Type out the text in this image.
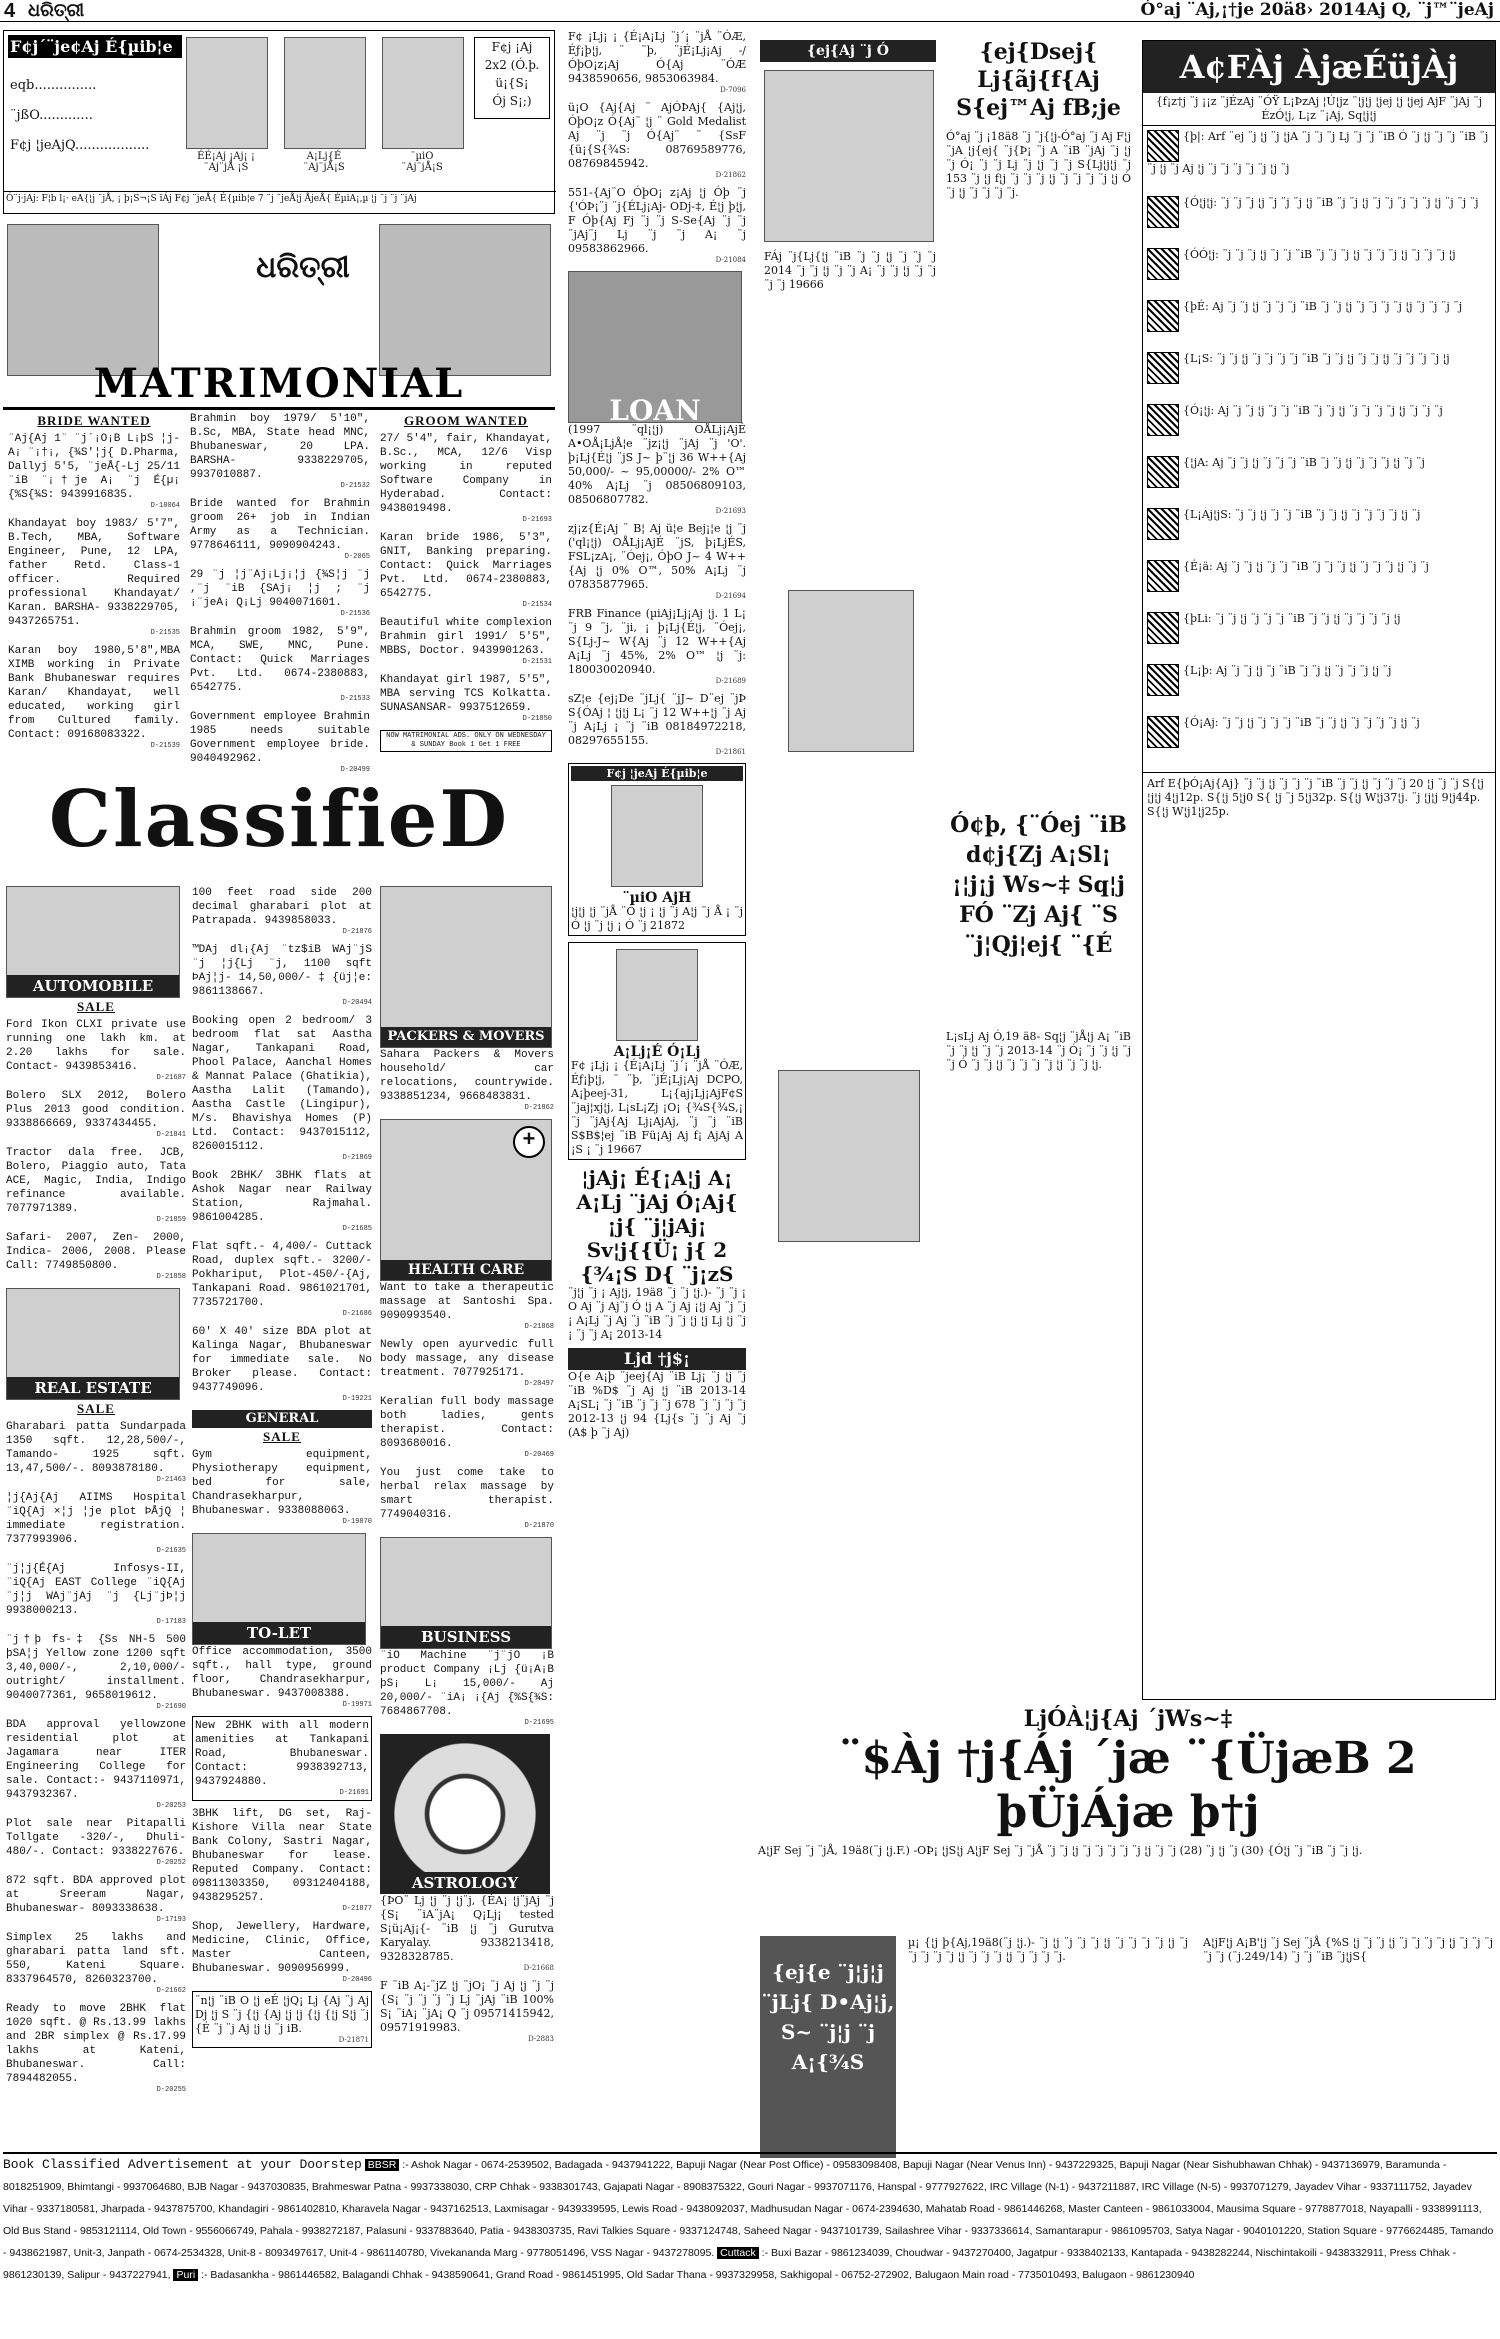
4 ଧରିତ୍ରୀ	Ó°aj ¨Aj,¡†je 20ä8› 2014Aj Q, ¨j™¨jeAj
F¢j´¨je¢Aj É{µib¦e
eqb...............
¨jßO.............
F¢j ¦jeAjQ..................
ÉÉ¡Aj ¡Aj¡ ¡
¨Aj¨jÅ ¡S
A¡Lj{É
¨Aj¨jÅ¡S
¨µiO
¨Aj¨jÅ¡S
F¢j ¡Aj
2x2 (Ó.þ.
ü¡{S¡
Ój S¡;)
Ó¨j·jAj: F¦b l¡· eA{¦j ¨jÅ, ¡ þ¡S¬¡S ïÁj F¢j ¨jeÅ{ É{µib¦e 7 ¨j ¨jeÅ¦j ÅjeÅ{ ÉµiA¡,µ ¦j ¨j ¨j ¨jAj
ଧରିତ୍ରୀ
MATRIMONIAL
BRIDE WANTED

¨Aj{Aj 1¨ ¨j´¡O¡B L¡þS ¦j-A¡ ¨¡†¡, {¾S'¦j{ D.Pharma, Dallyj 5'5, ¨jeÅ{-Lj 25/11 ¨iB ¨¡†je A¡ ¨j É{µ¡ {%S{¾S: 9439916835.
D-18064

Khandayat boy 1983/ 5'7", B.Tech, MBA, Software Engineer, Pune, 12 LPA, father Retd. Class-1 officer. Required professional Khandayat/ Karan. BARSHA- 9338229705, 9437265751.
D-21535

Karan boy 1980,5'8",MBA XIMB working in Private Bank Bhubaneswar requires Karan/ Khandayat, well educated, working girl from Cultured family. Contact: 09168083322.
D-21539

Brahmin boy 1979/ 5'10", B.Sc, MBA, State head MNC, Bhubaneswar, 20 LPA. BARSHA- 9338229705, 9937010887.
D-21532

Bride wanted for Brahmin groom 26+ job in Indian Army as a Technician. 9778646111, 9090904243.
D-2065

29 ¨j ¦j¨Aj¡Lj¡¦j {¾S¦j ¨j ,¨j ¨iB {SAj¡ ¦j ; ¨j ¡¨jeA¡ Q¡Lj 9040071601.
D-21536

Brahmin groom 1982, 5'9", MCA, SWE, MNC, Pune. Contact: Quick Marriages Pvt. Ltd. 0674-2380883, 6542775.
D-21533

Government employee Brahmin 1985 needs suitable Government employee bride. 9040492962.
D-20499

GROOM WANTED

27/ 5'4", fair, Khandayat, B.Sc., MCA, 12/6 Visp working in reputed Software Company in Hyderabad. Contact: 9438019498.
D-21693

Karan bride 1986, 5'3", GNIT, Banking preparing. Contact: Quick Marriages Pvt. Ltd. 0674-2380883, 6542775.
D-21534

Beautiful white complexion Brahmin girl 1991/ 5'5", MBBS, Doctor. 9439901263.
D-21531

Khandayat girl 1987, 5'5", MBA serving TCS Kolkatta. SUNASANSAR- 9937512659.
D-21850

NOW MATRIMONIAL ADS. ONLY ON WEDNESDAY & SUNDAY Book 1 Get 1 FREE
ClassifieD
AUTOMOBILE
SALE

Ford Ikon CLXI private use running one lakh km. at 2.20 lakhs for sale. Contact- 9439853416.
D-21687

Bolero SLX 2012, Bolero Plus 2013 good condition. 9338866669, 9337434455.
D-21841

Tractor dala free. JCB, Bolero, Piaggio auto, Tata ACE, Magic, India, Indigo refinance available. 7077971389.
D-21859

Safari- 2007, Zen- 2000, Indica- 2006, 2008. Please Call: 7749850800.
D-21858

REAL ESTATE
SALE

Gharabari patta Sundarpada 1350 sqft. 12,28,500/-, Tamando- 1925 sqft. 13,47,500/-. 8093878180.
D-21463

¦j{Aj{Aj AIIMS Hospital ¨iQ{Aj ×¦j ¦je plot ÞÅjQ ¦ immediate registration. 7377993906.
D-21635

¨j¦j{É{Aj Infosys-II, ¨iQ{Aj EAST College ¨iQ{Aj ¨j¦j WAj¨jAj ¨j {Lj¨jÞ¦j 9938000213.
D-17183

¨j†þ fs-‡ {Ss NH-5 500 þSA¦j Yellow zone 1200 sqft 3,40,000/-, 2,10,000/- outright/ installment. 9040077361, 9658019612.
D-21690

BDA approval yellowzone residential plot at Jagamara near ITER Engineering College for sale. Contact:- 9437110971, 9437932367.
D-20253

Plot sale near Pitapalli Tollgate -320/-, Dhuli- 480/-. Contact: 9338227676.
D-20252

872 sqft. BDA approved plot at Sreeram Nagar, Bhubaneswar- 8093338638.
D-17193

Simplex 25 lakhs and gharabari patta land sft. 550, Kateni Square. 8337964570, 8260323700.
D-21662

Ready to move 2BHK flat 1020 sqft. @ Rs.13.99 lakhs and 2BR simplex @ Rs.17.99 lakhs at Kateni, Bhubaneswar. Call: 7894482055.
D-20255

100 feet road side 200 decimal gharabari plot at Patrapada. 9439858033.
D-21876

™DAj dl¡{Aj ¨tz$iB WAj¨jS ¨j ¦j{Lj ¨j, 1100 sqft ÞAj¦j- 14,50,000/- ‡ {üj¦e: 9861138667.
D-20494

Booking open 2 bedroom/ 3 bedroom flat sat Aastha Nagar, Tankapani Road, Phool Palace, Aanchal Homes & Mannat Palace (Ghatikia), Aastha Lalit (Tamando), Aastha Castle (Lingipur), M/s. Bhavishya Homes (P) Ltd. Contact: 9437015112, 8260015112.
D-21869

Book 2BHK/ 3BHK flats at Ashok Nagar near Railway Station, Rajmahal. 9861004285.
D-21685

Flat sqft.- 4,400/- Cuttack Road, duplex sqft.- 3200/- Pokhariput, Plot-450/-{Aj, Tankapani Road. 9861021701, 7735721700.
D-21686

60' X 40' size BDA plot at Kalinga Nagar, Bhubaneswar for immediate sale. No Broker please. Contact: 9437749096.
D-19221

GENERAL
SALE

Gym equipment, Physiotherapy equipment, bed for sale, Chandrasekharpur, Bhubaneswar. 9338088063.
D-19870

TO-LET

Office accommodation, 3500 sqft., hall type, ground floor, Chandrasekharpur, Bhubaneswar. 9437008388.
D-19971

New 2BHK with all modern amenities at Tankapani Road, Bhubaneswar. Contact: 9938392713, 9437924880.
D-21691

3BHK lift, DG set, Raj- Kishore Villa near State Bank Colony, Sastri Nagar, Bhubaneswar for lease. Reputed Company. Contact: 09811303350, 09312404188, 9438295257.
D-21877

Shop, Jewellery, Hardware, Medicine, Clinic, Office, Master Canteen, Bhubaneswar. 9090956999.
D-20496

¨n¦j ¨iB O ¦j eÉ ¦jQ¡ Lj {Aj ¨j Aj Dj ¦j S ¨j {¦j {Aj ¦j ¦j {¦j {¦j S¦j ¨j {É ¨j ¨j Aj ¦j ¦j ¨j iB.
D-21871

PACKERS & MOVERS

Sahara Packers & Movers household/ car relocations, countrywide. 9338851234, 9668483831.
D-21862

+
HEALTH CARE

Want to take a therapeutic massage at Santoshi Spa. 9090993540.
D-21868

Newly open ayurvedic full body massage, any disease treatment. 7077925171.
D-20497

Keralian full body massage both ladies, gents therapist. Contact: 8093680016.
D-20469

You just come take to herbal relax massage by smart therapist. 7749040316.
D-21870

BUSINESS

¨iO Machine ¨j¨jO ¡B product Company ¡Lj {ü¡A¡B þS¡ L¡ 15,000/- Aj 20,000/- ¨iA¡ ¡{Aj {%S{¾S: 7684867708.
D-21695

ASTROLOGY

{ÞO¨ Lj ¦j ¨j ¦j¨j, {ÉA¡ ¦j¨jAj ¨j {S¡ ¨iA¨jA¡ Q¡Lj¡ tested S¡ü¡Aj¡{- ¨iB ¦j ¨j Gurutva Karyalay. 9338213418, 9328328785.
D-21668

F ¨iB A¡-¨jZ ¦j ¨jO¡ ¨j Aj ¦j ¨j ¨j {S¡ ¨j ¨j ¨j ¨j Lj ¨jAj ¨iB 100% S¡ ¨iA¡ ¨jA¡ Q ¨j 09571415942, 09571919983.
D-2883

F¢ ¡Lj¡ ¡ {É¡A¡Lj ¨j´¡ ¨jÅ ¨ÓÆ, Éƒ¡þ¦j, ¨ ¨þ, ¨jÉ¡Lj¡Aj -/ ÓþO¡z¡Aj Ó{Aj ¨ÓÆ 9438590656, 9853063984.
D-7096

ü¡O {Aj{Aj ¨ AjÓÞAj{ {Aj¦j, ÓþO¡z Ó{Aj¨ ¦j ¨ Gold Medalist Aj ¨j ¨j Ó{Aj¨ ¨ {SsF {ü¡{S{¾S: 08769589776, 08769845942.
D-21862

551-{Aj¨O ÓþO¡ z¡Aj ¦j Óþ ¨j {'ÓÞ¡¨j ¨j{ÉLj¡Aj- ODj-‡, É¦j þ¦j, F Óþ{Aj Fj ¨j ¨j S-Se{Aj ¨j ¨j ¨jAj¨j Lj ¨j ¨j A¡ ¨j 09583862966.
D-21084

LOAN

(1997 ¨ql¡¦j) OÅLj¡AjÉ A•OÅ¡LjÅ¦e ¨jz¡¦j ¨jAj ¨j 'O'. þ¡Lj{É¦j ¨jS J~ þ¨¦j 36 W++{Aj 50,000/- ~ 95,00000/- 2% O™ 40% A¡Lj ¨j 08506809103, 08506807782.
D-21693

zj¡z{É¡Aj ¨ B¦ Aj ü¦e Bej¡¦e ¦j ¨j ('ql¡¦j) OÅLj¡AjÉ ¨jS, þ¡LjÉS, FSL¡zA¡, ¨Óej¡, ÓþO J~ 4 W++{Aj ¦j 0% O™, 50% A¡Lj ¨j 07835877965.
D-21694

FRB Finance (µiAj¡Lj¡Aj ¦j. 1 L¡ ¨j 9 ¨j, ¨ji, ¡ þ¡Lj{É¦j, ¨Óej¡, S{Lj-J~ W{Aj ¨j 12 W++{Aj A¡Lj ¨j 45%, 2% O™ ¦j ¨j: 180030020940.
D-21689

sZ¦e {ej¡De ¨jLj{ ¨jJ~ D¨ej ¨jÞ S{ÓAj ¦ ¦j¦j L¡ ¨j 12 W++¦j ¨j Aj ¨j A¡Lj ¡ ¨j ¨iB 08184972218, 08297655155.
D-21861

F¢j ¦jeAj É{µib¦e
¨µiO AjH

¦j¦j ¦j ¨jÅ ¨Ó ¦j ¡ ¦j ¨j A¦j ¨j Å ¡ ¨j Ó ¦j ¨j ¦j ¡ Ó ¨j 21872

A¡Lj¡É Ó¡Lj

F¢ ¡Lj¡ ¡ {É¡A¡Lj ¨j´¡ ¨jÅ ¨ÓÆ, Éƒ¡þ¦j, ¨ ¨þ, ¨jÉ¡Lj¡Aj DCPO, A¡þeej-31, L¡{aj¡Lj¡AjF¢S ¨jaj¦xj¦j, L¡sL¡Zj ¡O¡ {¾S{¾S,¡ ¨j ¨jAj{Aj Lj¡AjAj, ¨j ¨j ¨iB S$B$¦ej ¨iB Fü¡Aj Aj f¡ AjAj A ¡S ¡ ¨j 19667

¦jAj¡ É{¡A¦j A¡ A¡Lj ¨jAj Ó¡Aj{ ¡j{ ¨j¦jAj¡ Sv¦j{{Ü¡ j{ 2 {¾¡S D{ ¨j¡zS

¨j¦j ¨j ¡ Aj¦j, 19ä8 ¨j ¨j ¦j.)- ¨j ¨j ¡ O Aj ¨j Aj¨j Ó ¦j A ¨j Aj ¡¦j Aj ¨j ¨j ¡ A¡Lj ¨j Aj ¨j ¨iB ¨j ¨j ¦j ¦j Lj ¦j ¨j ¡ ¨j ¨j A¡ 2013-14

Ljd †j$¡

O{e A¡þ ¨jeej{Aj ¨iB Lj¡ ¨j ¦j ¨j ¨iB %D$ ¨j Aj ¦j ¨iB 2013-14 A¡SL¡ ¨j ¨iB ¨j ¨j ¨j 678 ¨j ¨j ¨j ¨j 2012-13 ¦j 94 {Lj{s ¨j ¨j Aj ¨j (A$ þ ¨j Aj)

{ej{Aj ¨j Ó	{ej{Dsej{ Lj{ãj{f{Aj S{ej™Aj fB;je
Ó°aj ¨j ¡18ä8 ¨j ¨j{¦j-Ó°aj ¨j Aj F¦j ¨jA ¦j{ej{ ¨j{Þ¡ ¨j A ¨iB ¨jAj ¨j ¦j ¨j Ó¡ ¨j ¨j Lj ¨j ¦j ¨j ¨j S{Lj¦j¦j ¨j 153 ¨j ¦j f¦j ¨j ¨j ¨j ¦j ¨j ¨j ¨j ¨j ¦j Ó ¨j ¦j ¨j ¨j ¨j ¨j.
FÁj ¨j{Lj{¦j ¨iB ¨j ¨j ¦j ¨j ¨j ¨j 2014 ¨j ¨j ¦j ¨j ¨j A¡ ¨j ¨j ¦j ¨j ¨j ¨j ¨j 19666
Ó¢þ, {¨Óej ¨iB d¢j{Zj A¡Sl¡ ¡¦j¡j Ws~‡ Sq¦j FÓ ¨Zj Aj{ ¨S ¨j¦Qj¦ej{ ¨{É
L¡sLj Aj Ó,19 ä8- Sq¦j ¨jÅ¦j A¡ ¨iB ¨j ¨j ¦j ¨j ¨j 2013-14 ¨j Ó¡ ¨j ¨j ¦j ¨j ¨j Ó ¨j ¨j ¦j ¨j ¨j ¨j ¨j ¦j ¨j ¨j ¦j.
A¢FÀj ÀjæÉüjÀj
{f¡z†j ¨j ¡¡z ¨jÉzAj ¨ÓŸ L¡ÞzAj ¦Ú¦jz ¨¦j¦j ¦jej ¦j ¦jej AjF ¨jAj ¨j ÉzÓ¦j, L¡z ¨¡Aj, Sq¦j¦j
{þ|: Arf ¨ej ¨j ¦j ¨j ¦jA ¨j ¨j ¨j Lj ¨j ¨j ¨iB Ó ¨j ¦j ¨j ¨j ¨iB ¨j ¨j ¦j ¨j Aj ¦j ¨j ¨j ¨j ¨j ¨j ¦j ¨j
{Ó¦j¦j: ¨j ¨j ¨j ¦j ¨j ¨j ¨j ¦j ¨iB ¨j ¨j ¦j ¨j ¨j ¨j ¨j ¨j ¦j ¨j ¨j ¨j
{ÓÓ¦j: ¨j ¨j ¨j ¦j ¨j ¨j ¨iB ¨j ¨j ¨j ¦j ¨j ¨j ¨j ¦j ¨j ¨j ¨j ¦j
{þÉ: Aj ¨j ¨j ¦j ¨j ¨j ¨j ¨iB ¨j ¨j ¦j ¨j ¨j ¨j ¨j ¦j ¨j ¨j ¨j ¨j
{L¡S: ¨j ¨j ¦j ¨j ¨j ¨j ¨j ¨iB ¨j ¨j ¦j ¨j ¨j ¦j ¨j ¨j ¨j ¨j ¦j
{Ó¡¦j: Aj ¨j ¨j ¦j ¨j ¨j ¨iB ¨j ¨j ¦j ¨j ¨j ¨j ¨j ¦j ¨j ¨j ¨j
{¦jA: Aj ¨j ¨j ¦j ¨j ¨j ¨j ¨iB ¨j ¨j ¦j ¨j ¨j ¨j ¦j ¨j ¨j
{L¡Aj¦jS: ¨j ¨j ¦j ¨j ¨j ¨iB ¨j ¨j ¦j ¨j ¨j ¨j ¨j ¦j ¨j
{É¡ä: Aj ¨j ¨j ¦j ¨j ¨j ¨iB ¨j ¨j ¨j ¦j ¨j ¨j ¨j ¦j ¨j ¨j
{þLi: ¨j ¨j ¦j ¨j ¨j ¨j ¨iB ¨j ¨j ¦j ¨j ¨j ¨j ¨j ¦j
{L¡þ: Aj ¨j ¨j ¦j ¨j ¨iB ¨j ¨j ¦j ¨j ¨j ¨j ¦j ¨j
{Ó¡Aj: ¨j ¨j ¦j ¨j ¨j ¨j ¨iB ¨j ¨j ¦j ¨j ¨j ¨j ¨j ¦j ¨j
Arf E{þÓ¡Aj{Aj} ¨j ¨j ¦j ¨j ¨j ¨j ¨iB ¨j ¨j ¦j ¨j ¨j ¨j 20 ¦j ¨j ¨j S{¦j ¦j¦j 4¦j12p. S{¦j 5¦j0 S{ ¦j ¨j 5¦j32p. S{¦j W¦j37¦j. ¨j ¦j¦j 9¦j44p. S{¦j W¦j1¦j25p.
LjÓÀ¦j{Aj ´jWs~‡
¨$Àj †j{Áj ´jæ ¨{ÜjæB 2 þÜjÁjæ þ†j
A¦jF Sej ¨j ¨jÅ, 19ä8(¨j ¦j.F.) -OÞ¡ ¦jS¦j A¦jF Sej ¨j ¨jÅ ¨j ¨j ¦j ¨j ¨j ¨j ¨j ¨j ¦j ¨j ¨j (28) ¨j ¦j ¨j (30) {Ó¦j ¨j ¨iB ¨j ¨j ¦j.
{ej{e ¨j¦j¦j ¨jLj{ D•Aj¦j, S~ ¨j¦j ¨j A¡{¾S
µ¡ {¦j þ{Aj,19ä8(¨j ¦j.)- ¨j ¦j ¨j ¨j ¨j ¦j ¨j ¨j ¨j ¨j ¦j ¨j ¨j ¨j ¨j ¨j ¦j ¨j ¨j ¨j ¦j ¨j ¨j ¨j ¨j.
A¦jF¦j A¡B'¦j ¨j Sej ¨jÅ {%S ¦j ¨j ¨j ¦j ¨j ¨j ¨j ¨j ¦j ¨j ¨j ¨j ¨j ¨j (¨j.249/14) ¨j ¨j ¨iB ¨j¦jS{
Book Classified Advertisement at your Doorstep BBSR :- Ashok Nagar - 0674-2539502, Badagada - 9437941222, Bapuji Nagar (Near Post Office) - 09583098408, Bapuji Nagar (Near Venus Inn) - 9437229325, Bapuji Nagar (Near Sishubhawan Chhak) - 9437136979, Baramunda - 8018251909, Bhimtangi - 9937064680, BJB Nagar - 9437030835, Brahmeswar Patna - 9937338030, CRP Chhak - 9338301743, Gajapati Nagar - 8908375322, Gouri Nagar - 9937071176, Hanspal - 9777927622, IRC Village (N-1) - 9437211887, IRC Village (N-5) - 9937071279, Jayadev Vihar - 9337111752, Jayadev Vihar - 9337180581, Jharpada - 9437875700, Khandagiri - 9861402810, Kharavela Nagar - 9437162513, Laxmisagar - 9439339595, Lewis Road - 9438092037, Madhusudan Nagar - 0674-2394630, Mahatab Road - 9861446268, Master Canteen - 9861033004, Mausima Square - 9778877018, Nayapalli - 9338991113, Old Bus Stand - 9853121114, Old Town - 9556066749, Pahala - 9938272187, Palasuni - 9337883640, Patia - 9438303735, Ravi Talkies Square - 9337124748, Saheed Nagar - 9437101739, Sailashree Vihar - 9337336614, Samantarapur - 9861095703, Satya Nagar - 9040101220, Station Square - 9776624485, Tamando - 9438621987, Unit-3, Janpath - 0674-2534328, Unit-8 - 8093497617, Unit-4 - 9861140780, Vivekananda Marg - 9778051496, VSS Nagar - 9437278095. Cuttack :- Buxi Bazar - 9861234039, Choudwar - 9437270400, Jagatpur - 9338402133, Kantapada - 9438282244, Nischintakoili - 9438332911, Press Chhak - 9861230139, Salipur - 9437227941, Puri :- Badasankha - 9861446582, Balagandi Chhak - 9438590641, Grand Road - 9861451995, Old Sadar Thana - 9937329958, Sakhigopal - 06752-272902, Balugaon Main road - 7735010493, Balugaon - 9861230940
